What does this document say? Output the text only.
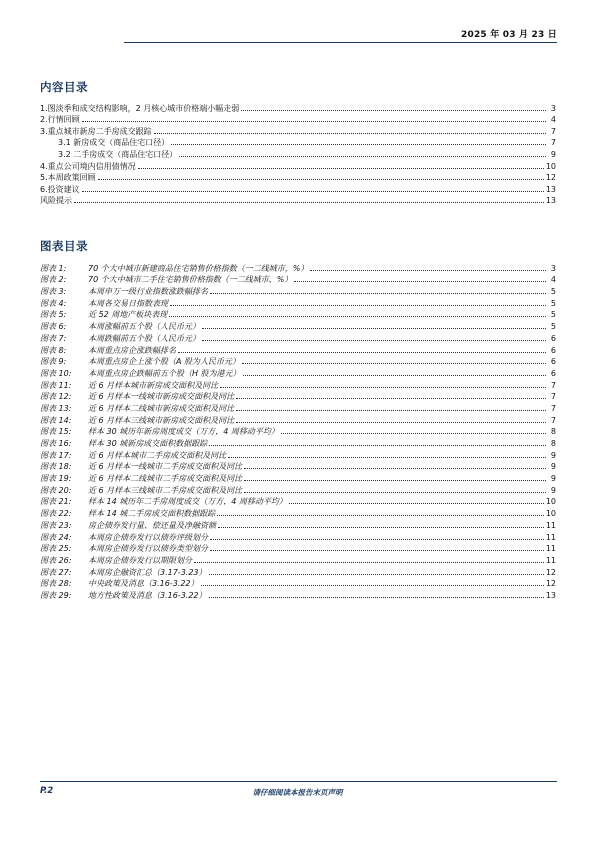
2025 年 03 月 23 日
内容目录
1.图淡季和成交结构影响，2 月核心城市价格端小幅走弱	3
2.行情回顾	4
3.重点城市新房二手房成交跟踪	7
3.1 新房成交（商品住宅口径）	7
3.2 二手房成交（商品住宅口径）	9
4.重点公司境内信用债情况	10
5.本周政策回顾	12
6.投资建议	13
风险提示	13
图表目录
图表 1:	70 个大中城市新建商品住宅销售价格指数（一二线城市，%）	3
图表 2:	70 个大中城市二手住宅销售价格指数（一二线城市，%）	4
图表 3:	本周申万一级行业指数涨跌幅排名	5
图表 4:	本周各交易日指数表现	5
图表 5:	近 52 周地产板块表现	5
图表 6:	本周涨幅前五个股（人民币元）	5
图表 7:	本周跌幅前五个股（人民币元）	6
图表 8:	本周重点房企涨跌幅排名	6
图表 9:	本周重点房企上涨个股（A 股为人民币元）	6
图表 10:	本周重点房企跌幅前五个股（H 股为港元）	6
图表 11:	近 6 月样本城市新房成交面积及同比	7
图表 12:	近 6 月样本一线城市新房成交面积及同比	7
图表 13:	近 6 月样本二线城市新房成交面积及同比	7
图表 14:	近 6 月样本三线城市新房成交面积及同比	7
图表 15:	样本 30 城历年新房周度成交（万方，4 周移动平均）	8
图表 16:	样本 30 城新房成交面积数据跟踪	8
图表 17:	近 6 月样本城市二手房成交面积及同比	9
图表 18:	近 6 月样本一线城市二手房成交面积及同比	9
图表 19:	近 6 月样本二线城市二手房成交面积及同比	9
图表 20:	近 6 月样本三线城市二手房成交面积及同比	9
图表 21:	样本 14 城历年二手房周度成交（万方，4 周移动平均）	10
图表 22:	样本 14 城二手房成交面积数据跟踪	10
图表 23:	房企债券发行量、偿还量及净融资额	11
图表 24:	本周房企债券发行以债券评级划分	11
图表 25:	本周房企债券发行以债券类型划分	11
图表 26:	本周房企债券发行以期限划分	11
图表 27:	本周房企融资汇总（3.17-3.23）	12
图表 28:	中央政策及消息（3.16-3.22）	12
图表 29:	地方性政策及消息（3.16-3.22）	13
P.2	请仔细阅读本报告末页声明
